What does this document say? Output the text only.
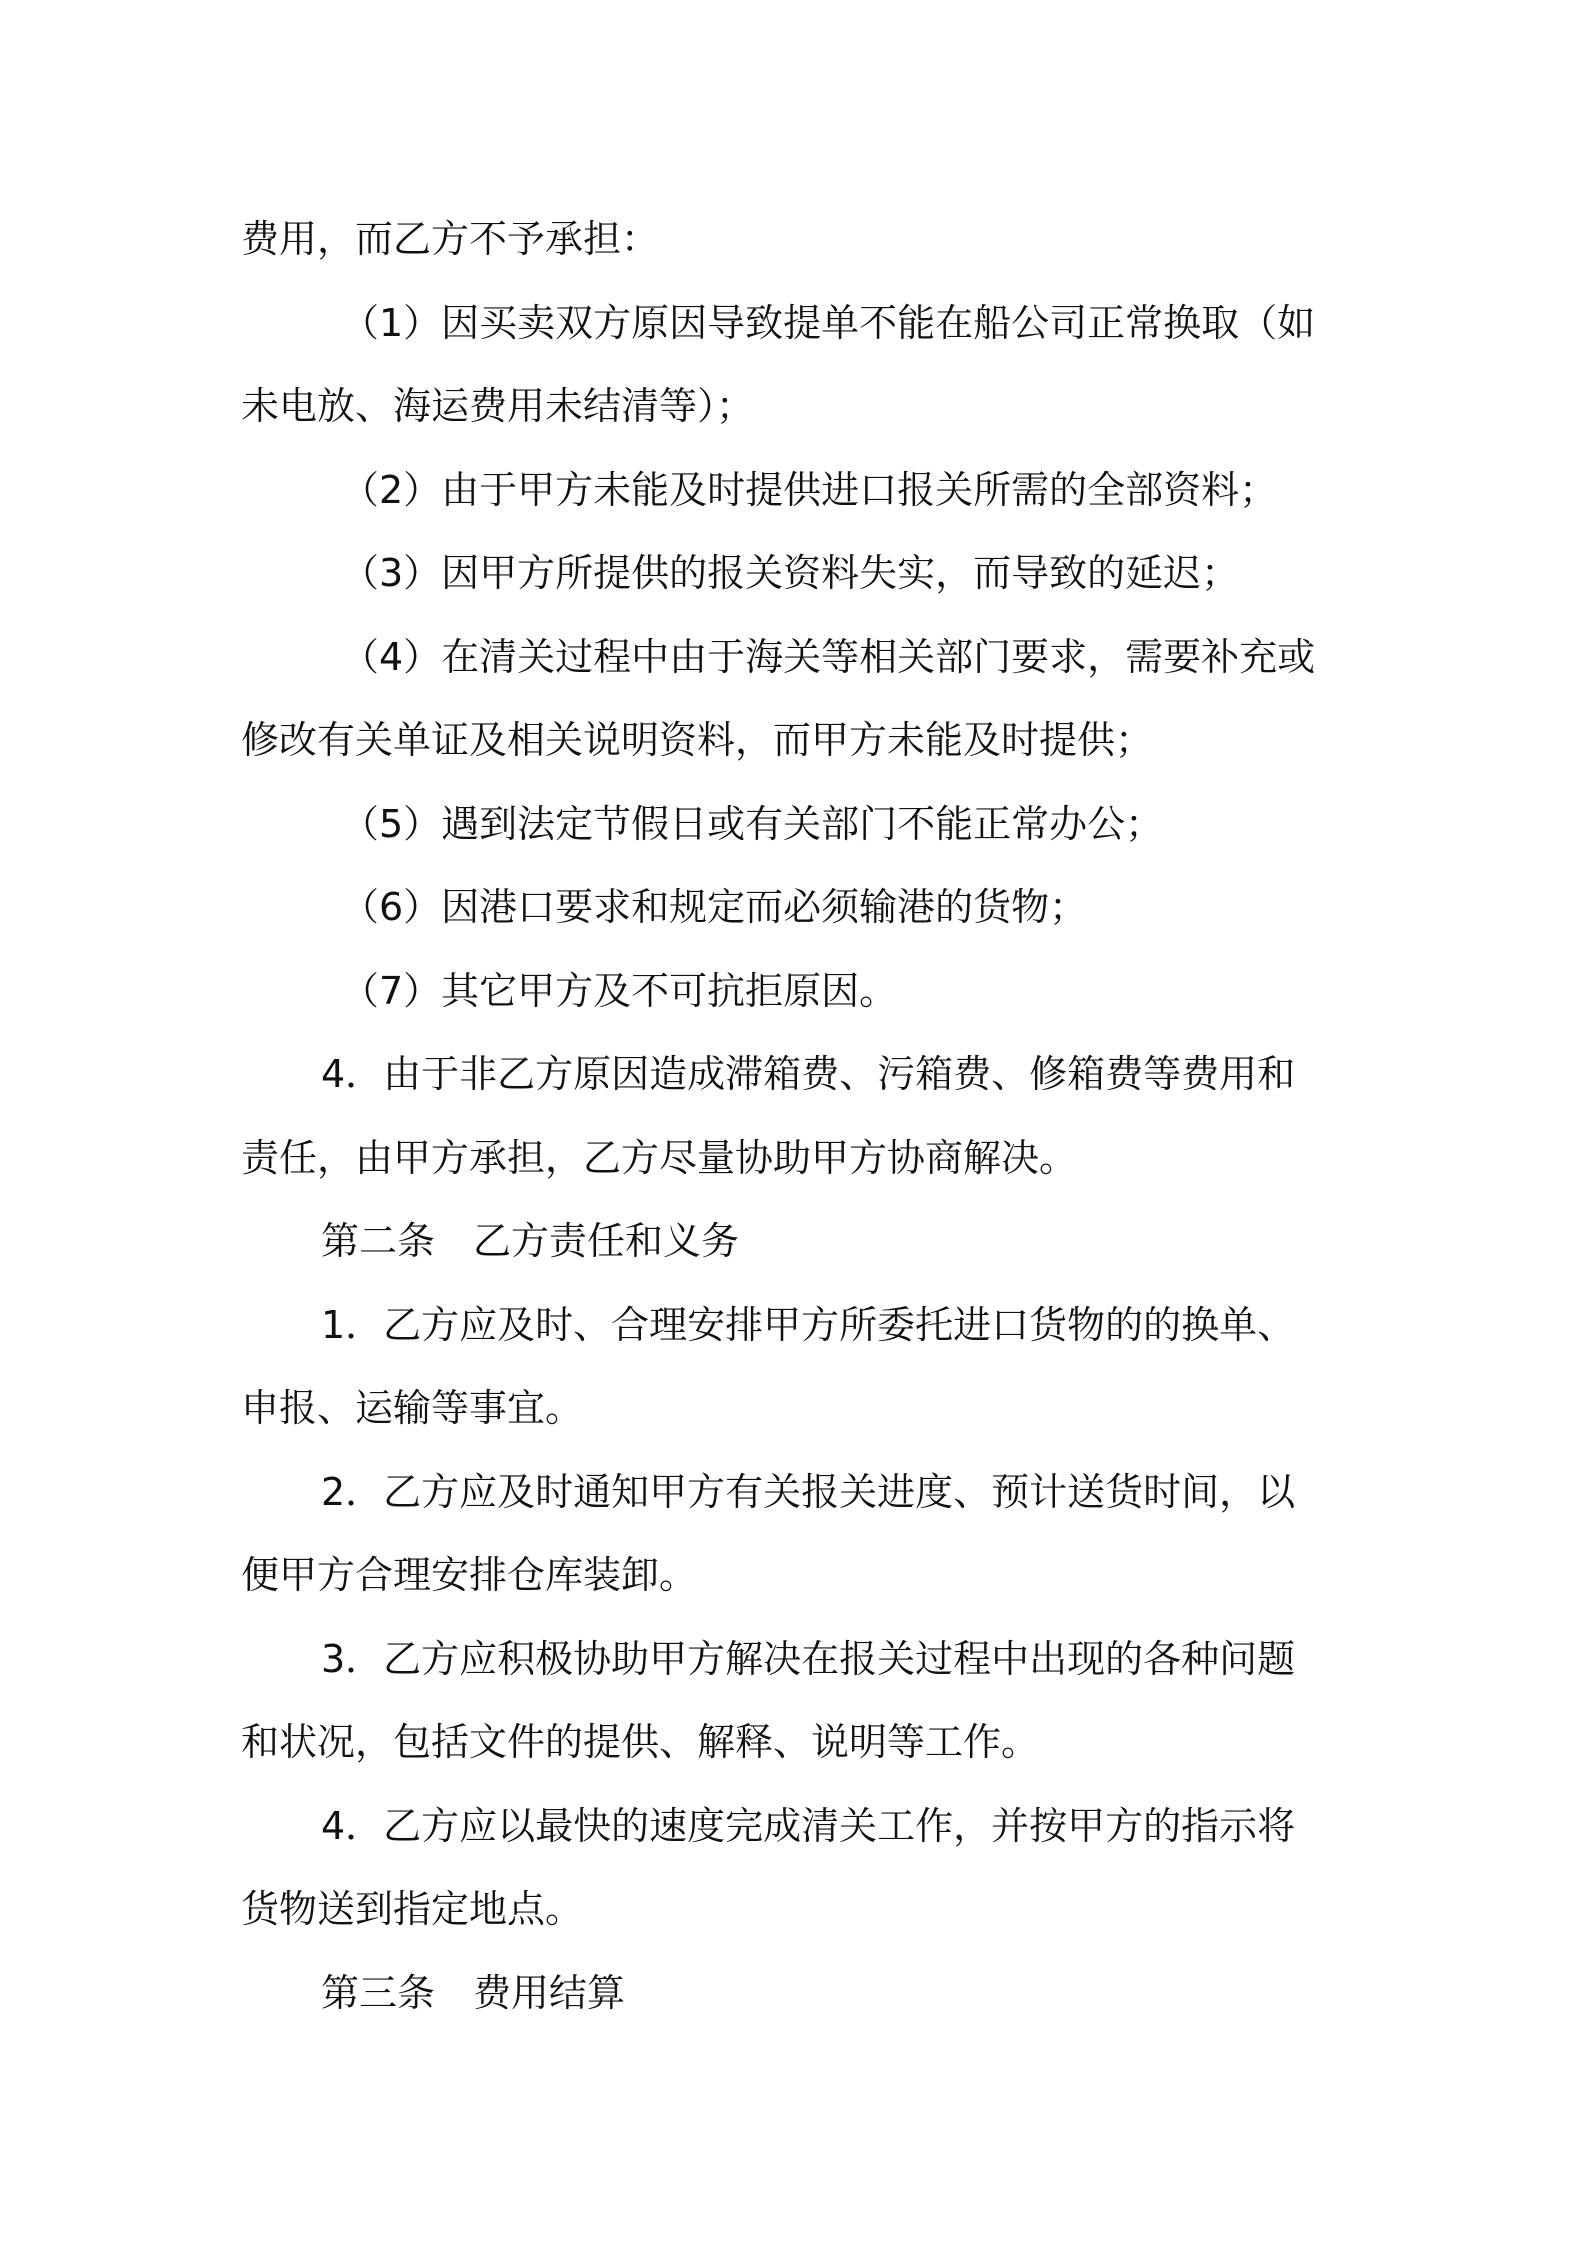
费用，而乙方不予承担：
（1）因买卖双方原因导致提单不能在船公司正常换取（如
未电放、海运费用未结清等）；
（2）由于甲方未能及时提供进口报关所需的全部资料；
（3）因甲方所提供的报关资料失实，而导致的延迟；
（4）在清关过程中由于海关等相关部门要求，需要补充或
修改有关单证及相关说明资料，而甲方未能及时提供；
（5）遇到法定节假日或有关部门不能正常办公；
（6）因港口要求和规定而必须输港的货物；
（7）其它甲方及不可抗拒原因。
4．由于非乙方原因造成滞箱费、污箱费、修箱费等费用和
责任，由甲方承担，乙方尽量协助甲方协商解决。
第二条　乙方责任和义务
1．乙方应及时、合理安排甲方所委托进口货物的的换单、
申报、运输等事宜。
2．乙方应及时通知甲方有关报关进度、预计送货时间，以
便甲方合理安排仓库装卸。
3．乙方应积极协助甲方解决在报关过程中出现的各种问题
和状况，包括文件的提供、解释、说明等工作。
4．乙方应以最快的速度完成清关工作，并按甲方的指示将
货物送到指定地点。
第三条　费用结算
